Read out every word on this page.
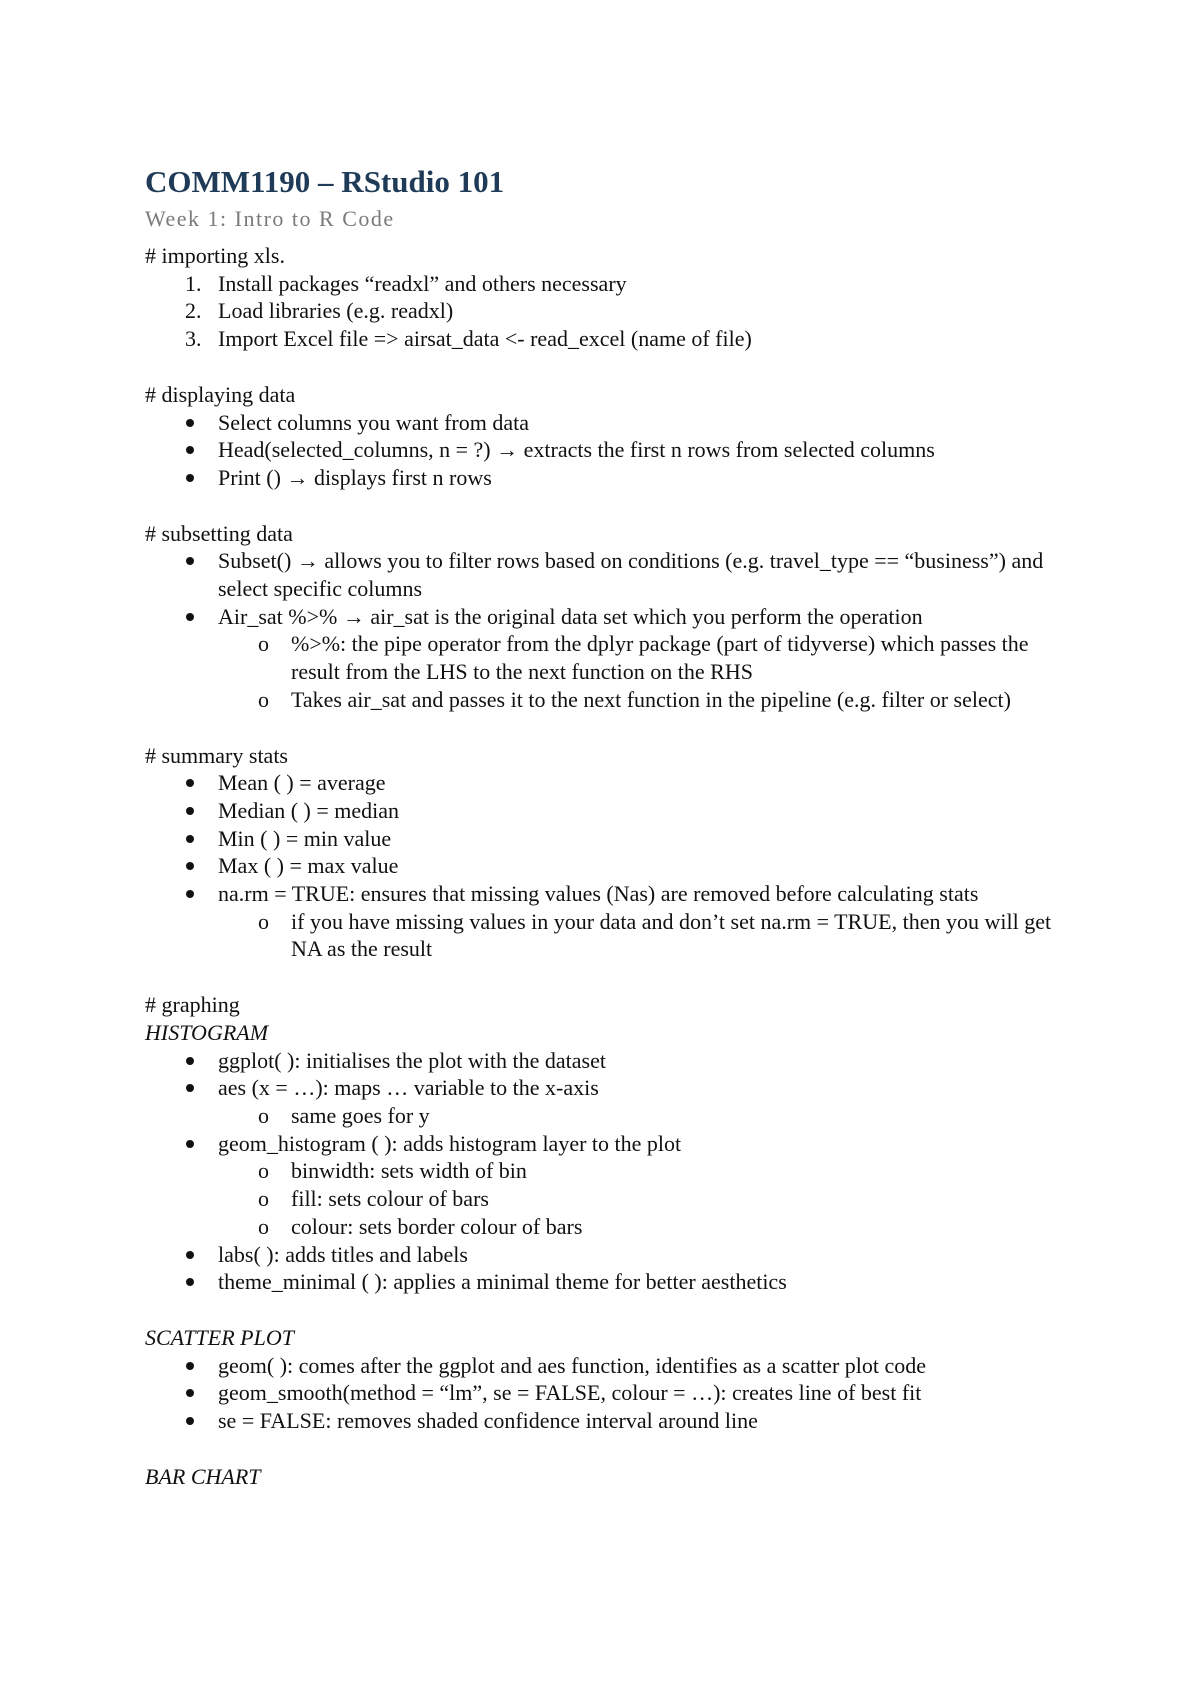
COMM1190 – RStudio 101

Week 1: Intro to R Code

# importing xls.

1. Install packages “readxl” and others necessary
2. Load libraries (e.g. readxl)
3. Import Excel file => airsat_data <- read_excel (name of file)

# displaying data

Select columns you want from data
Head(selected_columns, n = ?) → extracts the first n rows from selected columns
Print () → displays first n rows

# subsetting data

Subset() → allows you to filter rows based on conditions (e.g. travel_type == “business”) and select specific columns
Air_sat %>% → air_sat is the original data set which you perform the operation
o %>%: the pipe operator from the dplyr package (part of tidyverse) which passes the result from the LHS to the next function on the RHS
o Takes air_sat and passes it to the next function in the pipeline (e.g. filter or select)

# summary stats

Mean ( ) = average
Median ( ) = median
Min ( ) = min value
Max ( ) = max value
na.rm = TRUE: ensures that missing values (Nas) are removed before calculating stats
o if you have missing values in your data and don’t set na.rm = TRUE, then you will get NA as the result

# graphing

HISTOGRAM

ggplot( ): initialises the plot with the dataset
aes (x = …): maps … variable to the x-axis
o same goes for y
geom_histogram ( ): adds histogram layer to the plot
o binwidth: sets width of bin
o fill: sets colour of bars
o colour: sets border colour of bars
labs( ): adds titles and labels
theme_minimal ( ): applies a minimal theme for better aesthetics

SCATTER PLOT

geom( ): comes after the ggplot and aes function, identifies as a scatter plot code
geom_smooth(method = “lm”, se = FALSE, colour = …): creates line of best fit
se = FALSE: removes shaded confidence interval around line

BAR CHART
